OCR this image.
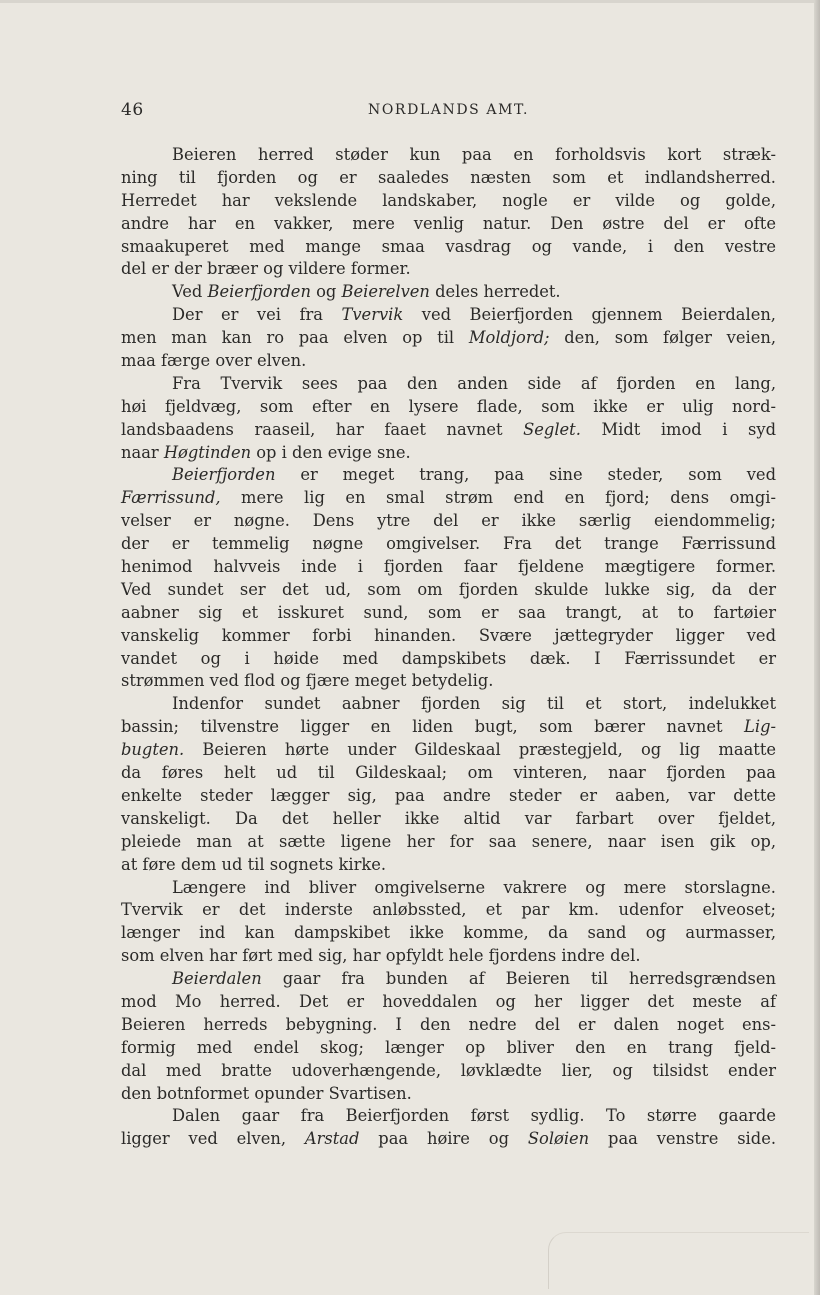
46	NORDLANDS AMT.
Beieren herred støder kun paa en forholdsvis kort stræk-
ning til fjorden og er saaledes næsten som et indlandsherred.
Herredet har vekslende landskaber, nogle er vilde og golde,
andre har en vakker, mere venlig natur. Den østre del er ofte
smaakuperet med mange smaa vasdrag og vande, i den vestre
del er der bræer og vildere former.
Ved Beierfjorden og Beierelven deles herredet.
Der er vei fra Tvervik ved Beierfjorden gjennem Beierdalen,
men man kan ro paa elven op til Moldjord; den, som følger veien,
maa færge over elven.
Fra Tvervik sees paa den anden side af fjorden en lang,
høi fjeldvæg, som efter en lysere flade, som ikke er ulig nord-
landsbaadens raaseil, har faaet navnet Seglet. Midt imod i syd
naar Høgtinden op i den evige sne.
Beierfjorden er meget trang, paa sine steder, som ved
Færrissund, mere lig en smal strøm end en fjord; dens omgi-
velser er nøgne. Dens ytre del er ikke særlig eiendommelig;
der er temmelig nøgne omgivelser. Fra det trange Færrissund
henimod halvveis inde i fjorden faar fjeldene mægtigere former.
Ved sundet ser det ud, som om fjorden skulde lukke sig, da der
aabner sig et isskuret sund, som er saa trangt, at to fartøier
vanskelig kommer forbi hinanden. Svære jættegryder ligger ved
vandet og i høide med dampskibets dæk. I Færrissundet er
strømmen ved flod og fjære meget betydelig.
Indenfor sundet aabner fjorden sig til et stort, indelukket
bassin; tilvenstre ligger en liden bugt, som bærer navnet Lig-
bugten. Beieren hørte under Gildeskaal præstegjeld, og lig maatte
da føres helt ud til Gildeskaal; om vinteren, naar fjorden paa
enkelte steder lægger sig, paa andre steder er aaben, var dette
vanskeligt. Da det heller ikke altid var farbart over fjeldet,
pleiede man at sætte ligene her for saa senere, naar isen gik op,
at føre dem ud til sognets kirke.
Længere ind bliver omgivelserne vakrere og mere storslagne.
Tvervik er det inderste anløbssted, et par km. udenfor elveoset;
længer ind kan dampskibet ikke komme, da sand og aurmasser,
som elven har ført med sig, har opfyldt hele fjordens indre del.
Beierdalen gaar fra bunden af Beieren til herredsgrændsen
mod Mo herred. Det er hoveddalen og her ligger det meste af
Beieren herreds bebygning. I den nedre del er dalen noget ens-
formig med endel skog; længer op bliver den en trang fjeld-
dal med bratte udoverhængende, løvklædte lier, og tilsidst ender
den botnformet opunder Svartisen.
Dalen gaar fra Beierfjorden først sydlig. To større gaarde
ligger ved elven, Arstad paa høire og Soløien paa venstre side.
